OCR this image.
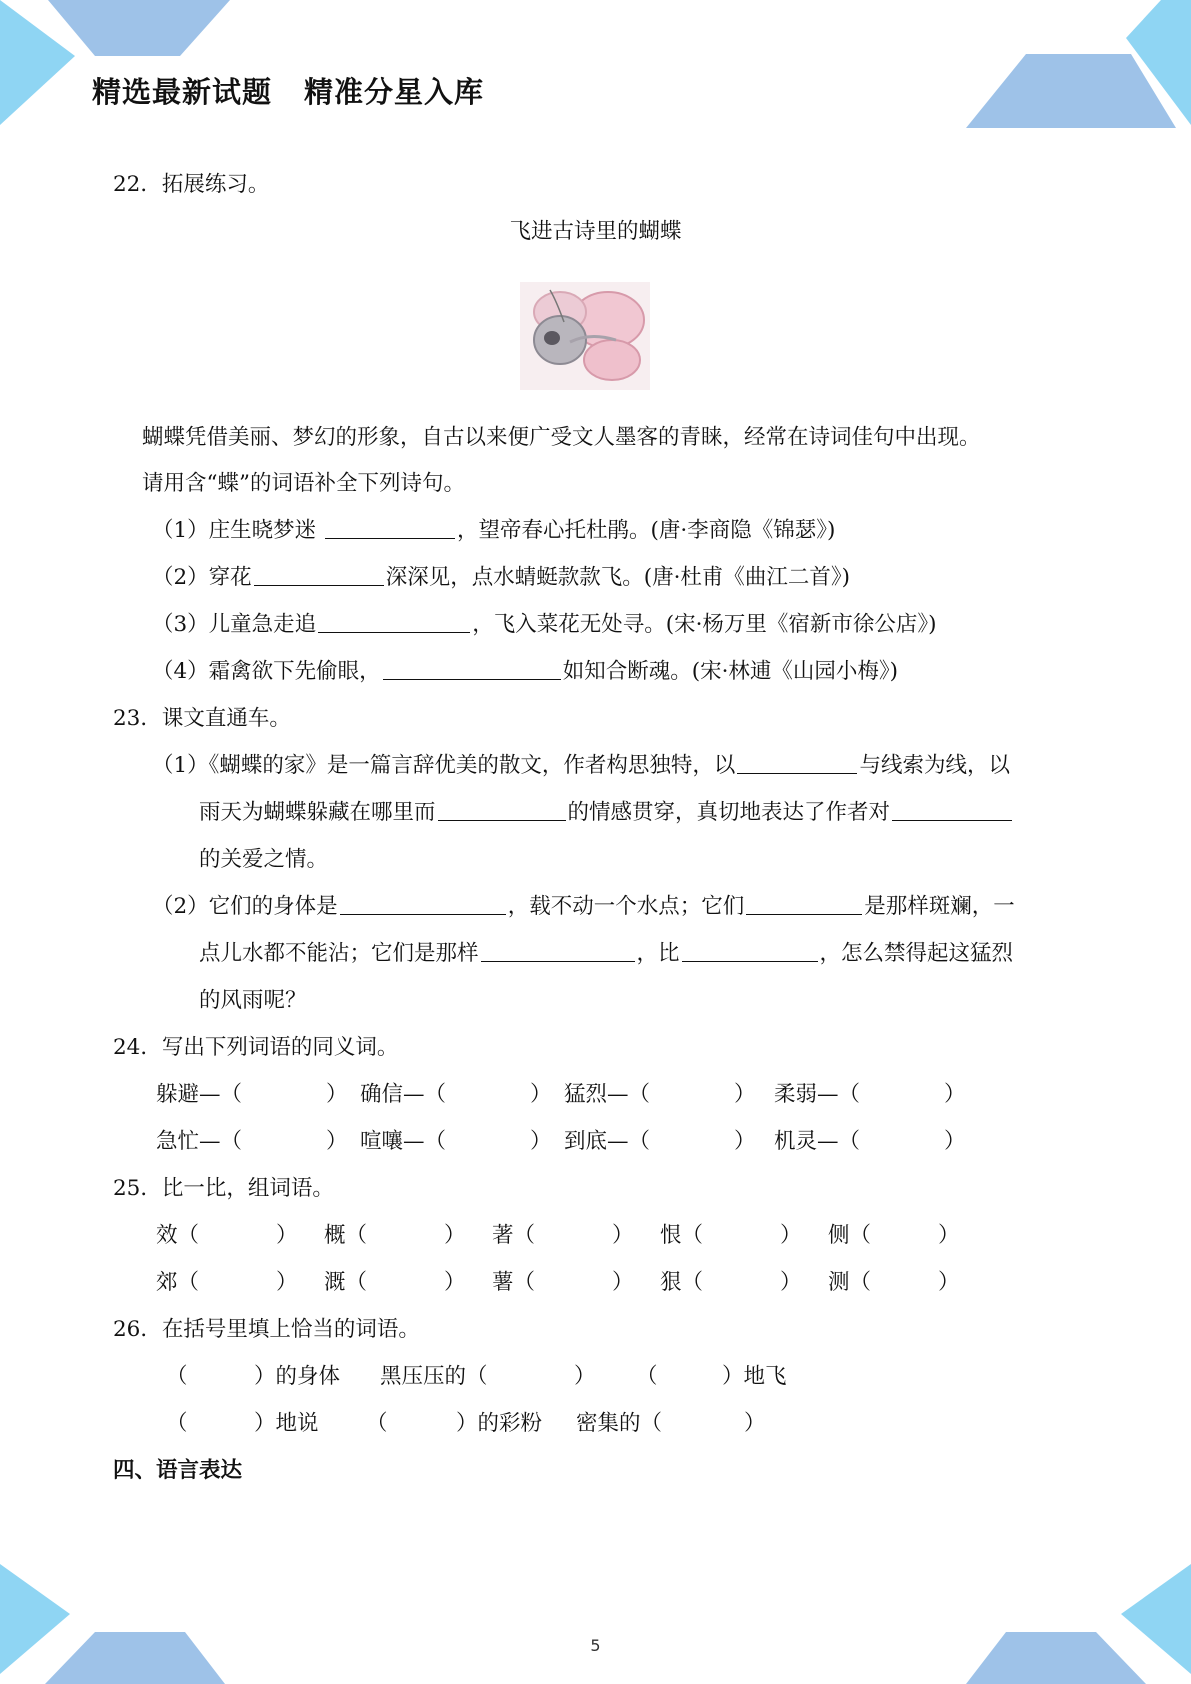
精选最新试题 精准分星入库
22．拓展练习。
飞进古诗里的蝴蝶
蝴蝶凭借美丽、梦幻的形象，自古以来便广受文人墨客的青睐，经常在诗词佳句中出现。
请用含“蝶”的词语补全下列诗句。
（1）庄生晓梦迷	，望帝春心托杜鹃。(唐·李商隐《锦瑟》)
（2）穿花	深深见，点水蜻蜓款款飞。(唐·杜甫《曲江二首》)
（3）儿童急走追	，飞入菜花无处寻。(宋·杨万里《宿新市徐公店》)
（4）霜禽欲下先偷眼，	如知合断魂。(宋·林逋《山园小梅》)
23．课文直通车。
（1）《蝴蝶的家》是一篇言辞优美的散文，作者构思独特，以	与线索为线，以
雨天为蝴蝶躲藏在哪里而	的情感贯穿，真切地表达了作者对
的关爱之情。
（2）它们的身体是	，载不动一个水点；它们	是那样斑斓，一
点儿水都不能沾；它们是那样	，比	，怎么禁得起这猛烈
的风雨呢？
24．写出下列词语的同义词。
躲避—（	） 确信—（	） 猛烈—（	） 柔弱—（	）
急忙—（	） 喧嚷—（	） 到底—（	） 机灵—（	）
25．比一比，组词语。
效（	） 概（	） 著（	） 恨（	） 侧（	）
郊（	） 溉（	） 薯（	） 狠（	） 测（	）
26．在括号里填上恰当的词语。
（	）的身体 黑压压的（	） （	）地飞
（	）地说 （	）的彩粉 密集的（	）
四、语言表达
5
